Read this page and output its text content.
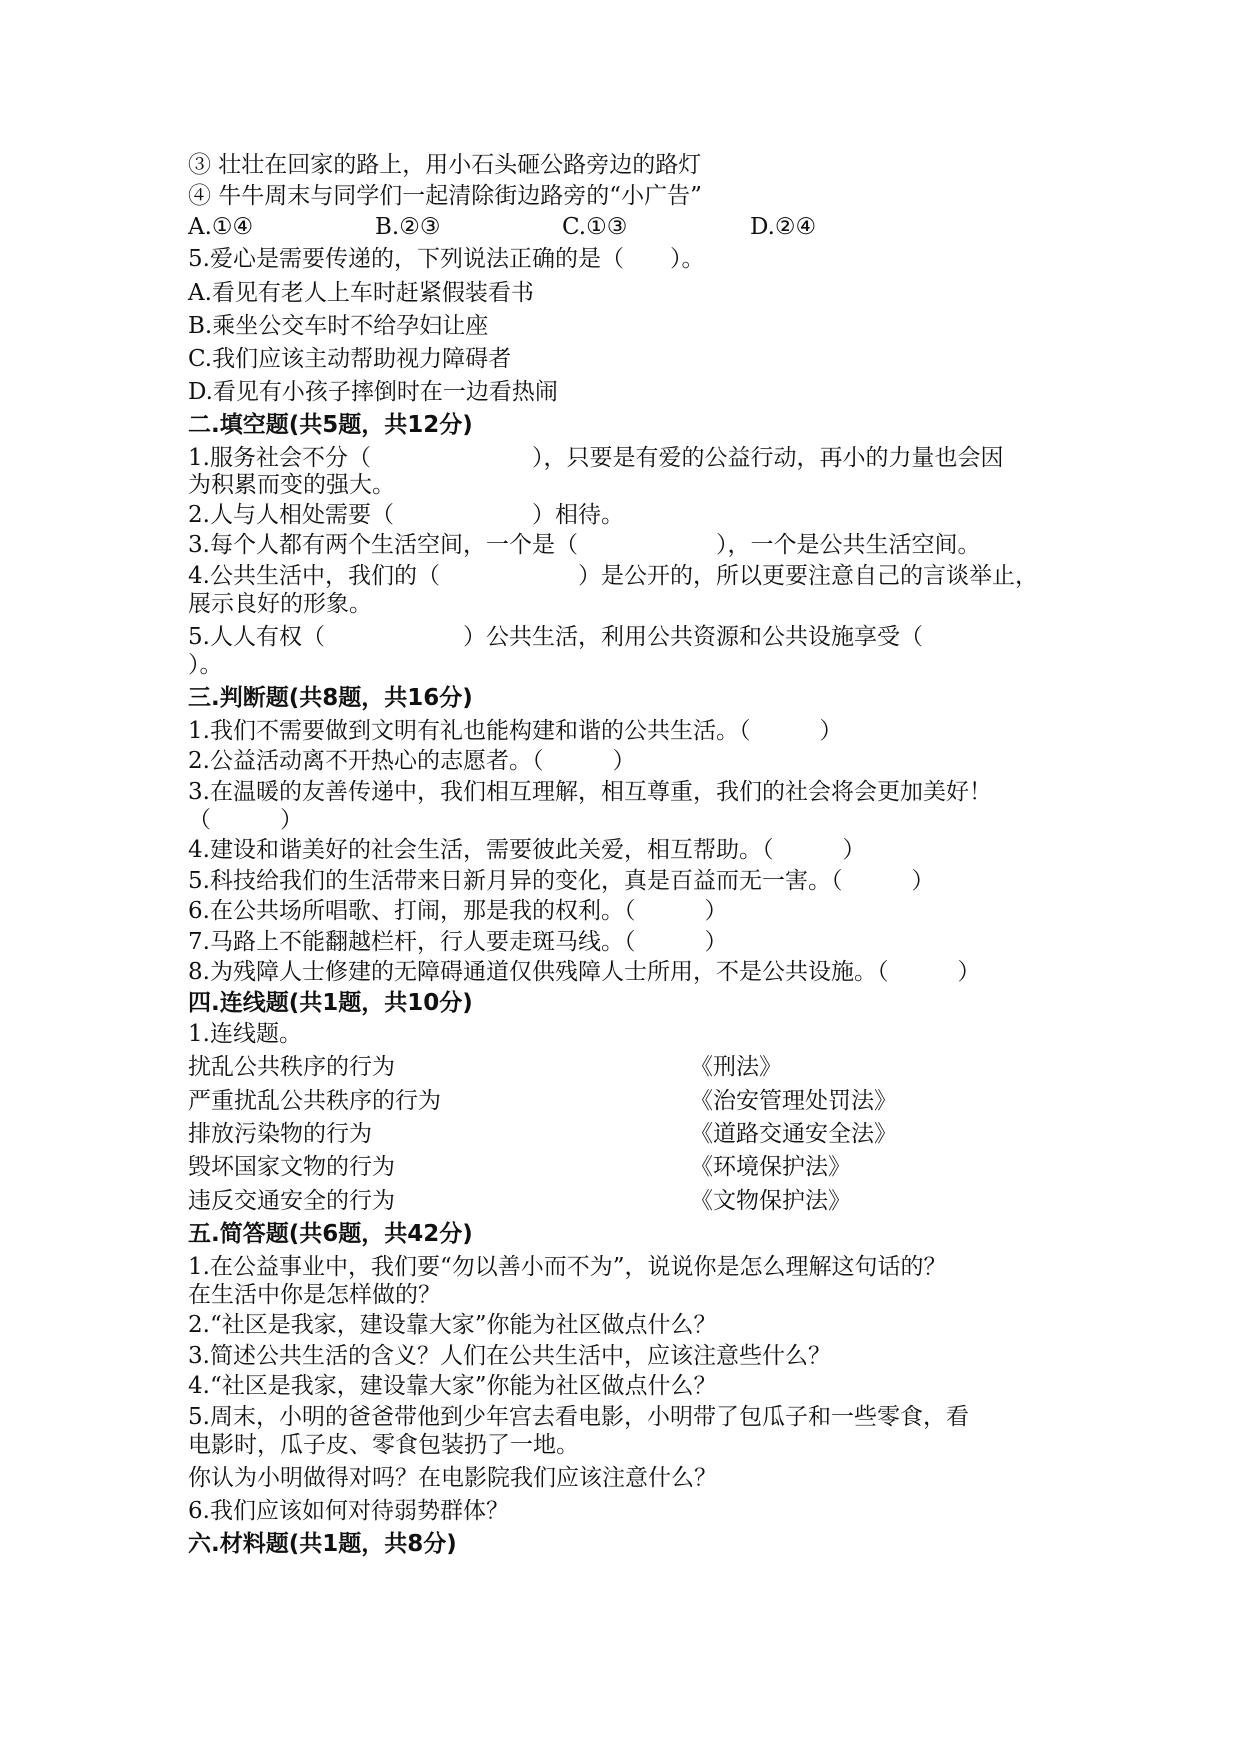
③ 壮壮在回家的路上，用小石头砸公路旁边的路灯
④ 牛牛周末与同学们一起清除街边路旁的“小广告”
A.①④	B.②③	C.①③	D.②④
5.爱心是需要传递的，下列说法正确的是（　　）。
A.看见有老人上车时赶紧假装看书
B.乘坐公交车时不给孕妇让座
C.我们应该主动帮助视力障碍者
D.看见有小孩子摔倒时在一边看热闹
二.填空题(共5题，共12分)
1.服务社会不分（　　　　　　　），只要是有爱的公益行动，再小的力量也会因
为积累而变的强大。
2.人与人相处需要（　　　　　　）相待。
3.每个人都有两个生活空间，一个是（　　　　　　），一个是公共生活空间。
4.公共生活中，我们的（　　　　　　）是公开的，所以更要注意自己的言谈举止，
展示良好的形象。
5.人人有权（　　　　　　）公共生活，利用公共资源和公共设施享受（
）。
三.判断题(共8题，共16分)
1.我们不需要做到文明有礼也能构建和谐的公共生活。（　　　）
2.公益活动离不开热心的志愿者。（　　　）
3.在温暖的友善传递中，我们相互理解，相互尊重，我们的社会将会更加美好！
（　　　）
4.建设和谐美好的社会生活，需要彼此关爱，相互帮助。（　　　）
5.科技给我们的生活带来日新月异的变化，真是百益而无一害。（　　　）
6.在公共场所唱歌、打闹，那是我的权利。（　　　）
7.马路上不能翻越栏杆，行人要走斑马线。（　　　）
8.为残障人士修建的无障碍通道仅供残障人士所用，不是公共设施。（　　　）
四.连线题(共1题，共10分)
1.连线题。
扰乱公共秩序的行为	《刑法》
严重扰乱公共秩序的行为	《治安管理处罚法》
排放污染物的行为	《道路交通安全法》
毁坏国家文物的行为	《环境保护法》
违反交通安全的行为	《文物保护法》
五.简答题(共6题，共42分)
1.在公益事业中，我们要“勿以善小而不为”，说说你是怎么理解这句话的？
在生活中你是怎样做的？
2.“社区是我家，建设靠大家”你能为社区做点什么？
3.简述公共生活的含义？人们在公共生活中，应该注意些什么？
4.“社区是我家，建设靠大家”你能为社区做点什么？
5.周末，小明的爸爸带他到少年宫去看电影，小明带了包瓜子和一些零食，看
电影时，瓜子皮、零食包装扔了一地。
你认为小明做得对吗？在电影院我们应该注意什么？
6.我们应该如何对待弱势群体？
六.材料题(共1题，共8分)
